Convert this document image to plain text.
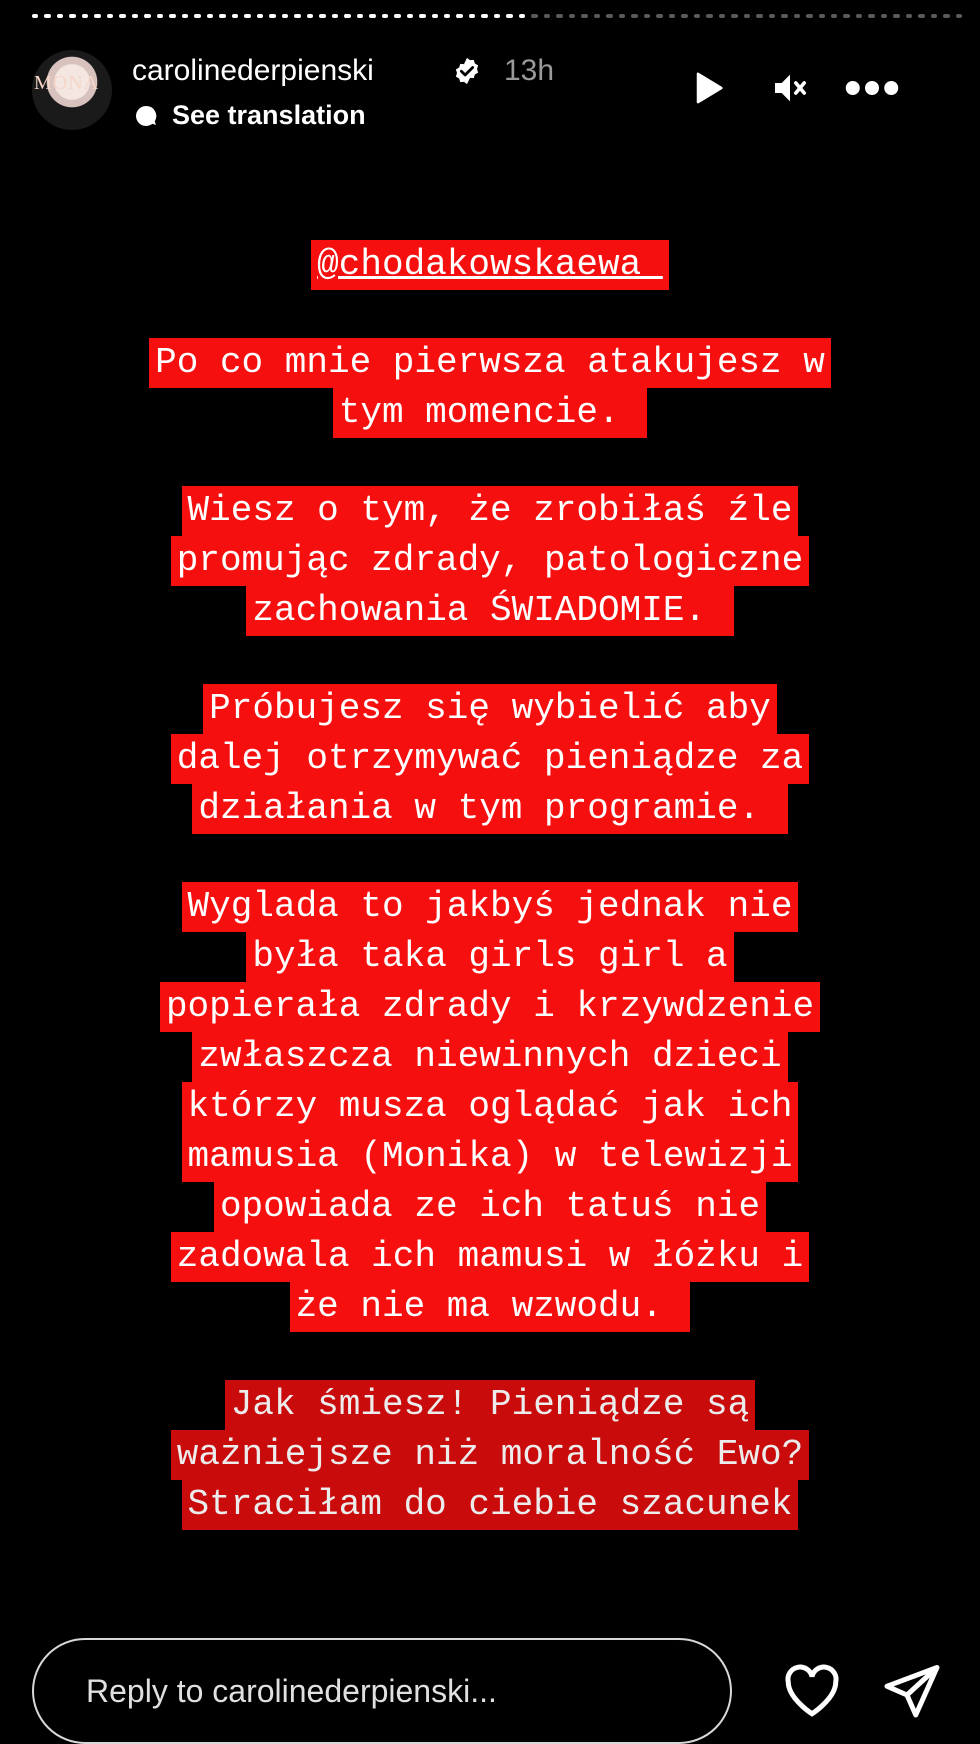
MONA carolinederpienski	13h
See translation
@chodakowskaewa

Po co mnie pierwsza atakujesz w
tym momencie.

Wiesz o tym, że zrobiłaś źle
promując zdrady, patologiczne
zachowania ŚWIADOMIE.

Próbujesz się wybielić aby
dalej otrzymywać pieniądze za
działania w tym programie.

Wyglada to jakbyś jednak nie
była taka girls girl a
popierała zdrady i krzywdzenie
zwłaszcza niewinnych dzieci
którzy musza oglądać jak ich
mamusia (Monika) w telewizji
opowiada ze ich tatuś nie
zadowala ich mamusi w łóżku i
że nie ma wzwodu.

Jak śmiesz! Pieniądze są
ważniejsze niż moralność Ewo?
Straciłam do ciebie szacunek

Reply to carolinederpienski...
